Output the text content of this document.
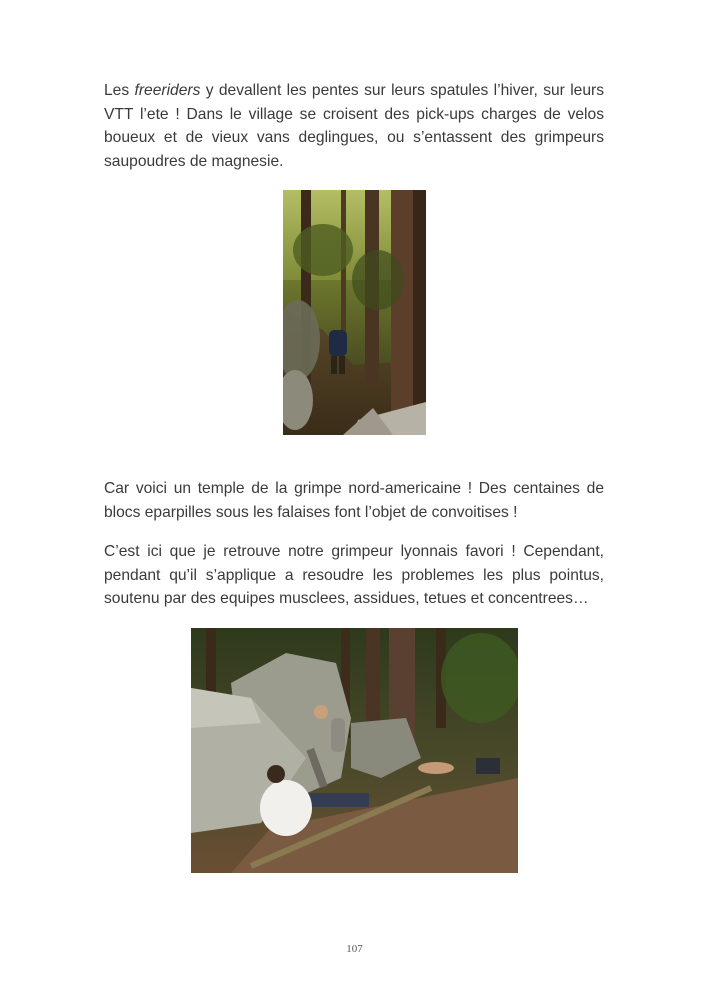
Les freeriders y devallent les pentes sur leurs spatules l’hiver, sur leurs VTT l’ete ! Dans le village se croisent des pick-ups charges de velos boueux et de vieux vans deglingues, ou s’entassent des grimpeurs saupoudres de magnesie.

Car voici un temple de la grimpe nord-americaine ! Des centaines de blocs eparpilles sous les falaises font l’objet de convoitises !

C’est ici que je retrouve notre grimpeur lyonnais favori ! Cependant, pendant qu’il s’applique a resoudre les problemes les plus pointus, soutenu par des equipes musclees, assidues, tetues et concentrees…

107
